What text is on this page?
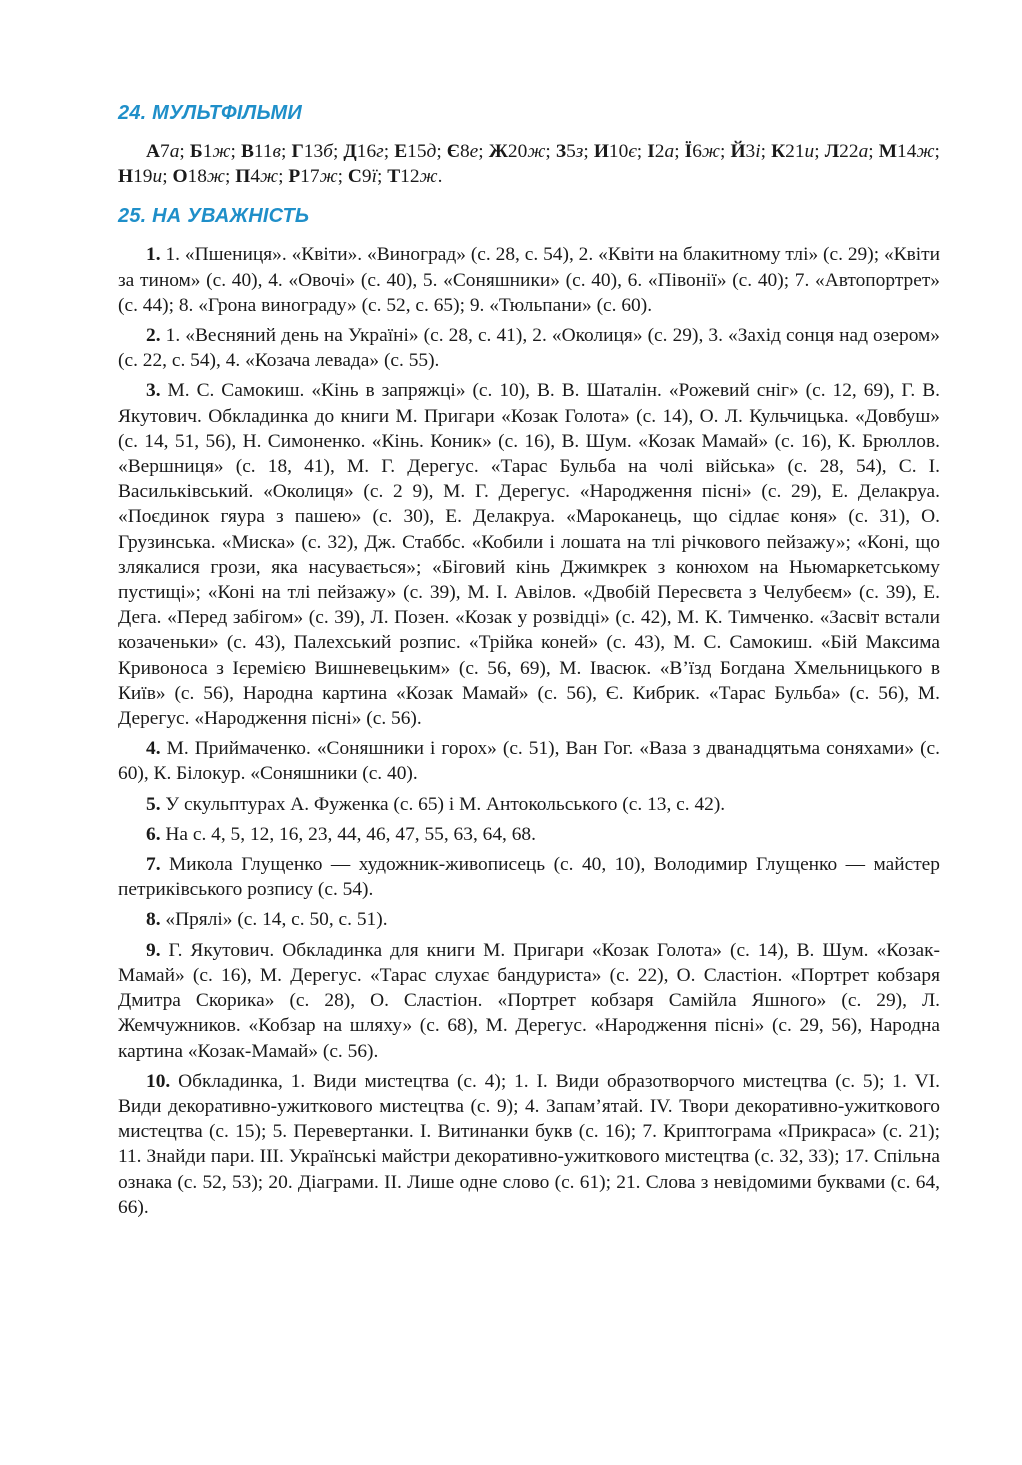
24. МУЛЬТФІЛЬМИ

А7а; Б1ж; В11в; Г13б; Д16г; Е15д; Є8е; Ж20ж; З5з; И10є; І2а; Ї6ж; Й3і; К21и; Л22а; М14ж; Н19и; О18ж; П4ж; Р17ж; С9ї; Т12ж.

25. НА УВАЖНІСТЬ

1. 1. «Пшениця». «Квіти». «Виноград» (с. 28, с. 54), 2. «Квіти на блакитному тлі» (с. 29); «Квіти за тином» (с. 40), 4. «Овочі» (с. 40), 5. «Соняшники» (с. 40), 6. «Півонії» (с. 40); 7. «Автопортрет» (с. 44); 8. «Грона винограду» (с. 52, с. 65); 9. «Тюльпани» (с. 60).

2. 1. «Весняний день на Україні» (с. 28, с. 41), 2. «Околиця» (с. 29), 3. «Захід сонця над озером» (с. 22, с. 54), 4. «Козача левада» (с. 55).

3. М. С. Самокиш. «Кінь в запряжці» (с. 10), В. В. Шаталін. «Рожевий сніг» (с. 12, 69), Г. В. Якутович. Обкладинка до книги М. Пригари «Козак Голота» (с. 14), О. Л. Кульчицька. «Довбуш» (с. 14, 51, 56), Н. Симоненко. «Кінь. Коник» (с. 16), В. Шум. «Козак Мамай» (с. 16), К. Брюллов. «Вершниця» (с. 18, 41), М. Г. Дерегус. «Тарас Бульба на чолі війська» (с. 28, 54), С. І. Васильківський. «Околиця» (с. 2 9), М. Г. Дерегус. «Народження пісні» (с. 29), Е. Делакруа. «Поєдинок гяура з пашею» (с. 30), Е. Делакруа. «Мароканець, що сідлає коня» (с. 31), О. Грузинська. «Миска» (с. 32), Дж. Стаббс. «Кобили і лошата на тлі річкового пейзажу»; «Коні, що злякалися грози, яка насувається»; «Біговий кінь Джимкрек з конюхом на Ньюмаркетському пустищі»; «Коні на тлі пейзажу» (с. 39), М. І. Авілов. «Двобій Пересвєта з Челубеєм» (с. 39), Е. Дега. «Перед забігом» (с. 39), Л. Позен. «Козак у розвідці» (с. 42), М. К. Тимченко. «Засвіт встали козаченьки» (с. 43), Палехський розпис. «Трійка коней» (с. 43), М. С. Самокиш. «Бій Максима Кривоноса з Ієремією Вишневецьким» (с. 56, 69), М. Івасюк. «В’їзд Богдана Хмельницького в Київ» (с. 56), Народна картина «Козак Мамай» (с. 56), Є. Кибрик. «Тарас Бульба» (с. 56), М. Дерегус. «Народження пісні» (с. 56).

4. М. Приймаченко. «Соняшники і горох» (с. 51), Ван Гог. «Ваза з дванадцятьма соняхами» (с. 60), К. Білокур. «Соняшники (с. 40).

5. У скульптурах А. Фуженка (с. 65) і М. Антокольського (с. 13, с. 42).

6. На с. 4, 5, 12, 16, 23, 44, 46, 47, 55, 63, 64, 68.

7. Микола Глущенко — художник-живописець (с. 40, 10), Володимир Глущенко — майстер петриківського розпису (с. 54).

8. «Прялі» (с. 14, с. 50, с. 51).

9. Г. Якутович. Обкладинка для книги М. Пригари «Козак Голота» (с. 14), В. Шум. «Козак-Мамай» (с. 16), М. Дерегус. «Тарас слухає бандуриста» (с. 22), О. Сластіон. «Портрет кобзаря Дмитра Скорика» (с. 28), О. Сластіон. «Портрет кобзаря Самійла Яшного» (с. 29), Л. Жемчужников. «Кобзар на шляху» (с. 68), М. Дерегус. «Народження пісні» (с. 29, 56), Народна картина «Козак-Мамай» (с. 56).

10. Обкладинка, 1. Види мистецтва (с. 4); 1. І. Види образотворчого мистецтва (с. 5); 1. VI. Види декоративно-ужиткового мистецтва (с. 9); 4. Запам’ятай. IV. Твори декоративно-ужиткового мистецтва (с. 15); 5. Перевертанки. І. Витинанки букв (с. 16); 7. Криптограма «Прикраса» (с. 21); 11. Знайди пари. III. Українські майстри декоративно-ужиткового мистецтва (с. 32, 33); 17. Спільна ознака (с. 52, 53); 20. Діаграми. II. Лише одне слово (с. 61); 21. Слова з невідомими буквами (с. 64, 66).
